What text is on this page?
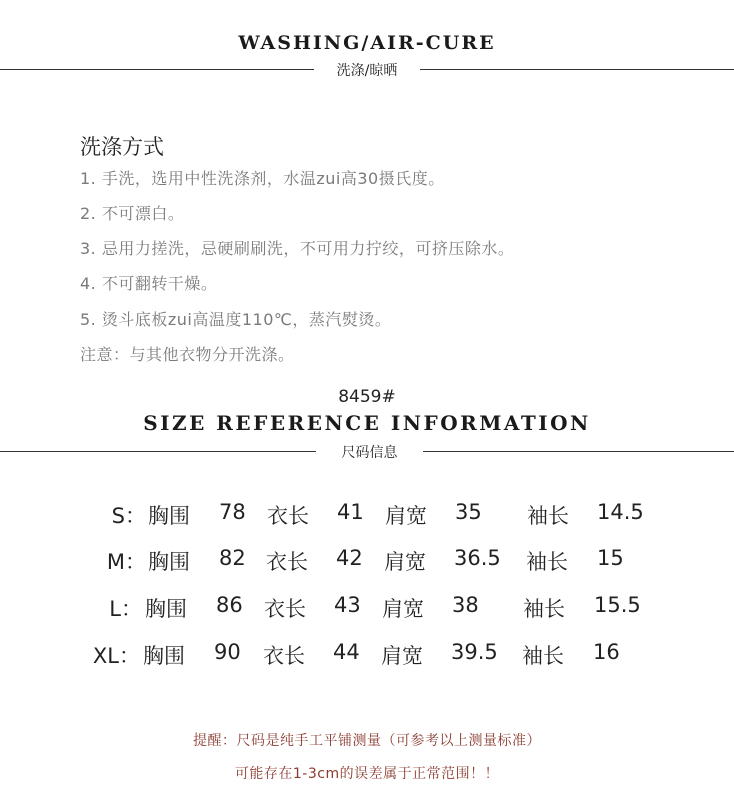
WASHING/AIR-CURE
洗涤/晾晒
洗涤方式
1. 手洗，选用中性洗涤剂，水温zui高30摄氏度。
2. 不可漂白。
3. 忌用力搓洗，忌硬刷刷洗，不可用力拧绞，可挤压除水。
4. 不可翻转干燥。
5. 烫斗底板zui高温度110℃，蒸汽熨烫。
注意：与其他衣物分开洗涤。
8459#
SIZE REFERENCE INFORMATION
尺码信息
S： 胸围 78 衣长 41 肩宽 35 袖长 14.5
M： 胸围 82 衣长 42 肩宽 36.5 袖长 15
L： 胸围 86 衣长 43 肩宽 38 袖长 15.5
XL： 胸围 90 衣长 44 肩宽 39.5 袖长 16
提醒：尺码是纯手工平铺测量（可参考以上测量标准）
可能存在1-3cm的误差属于正常范围！！
